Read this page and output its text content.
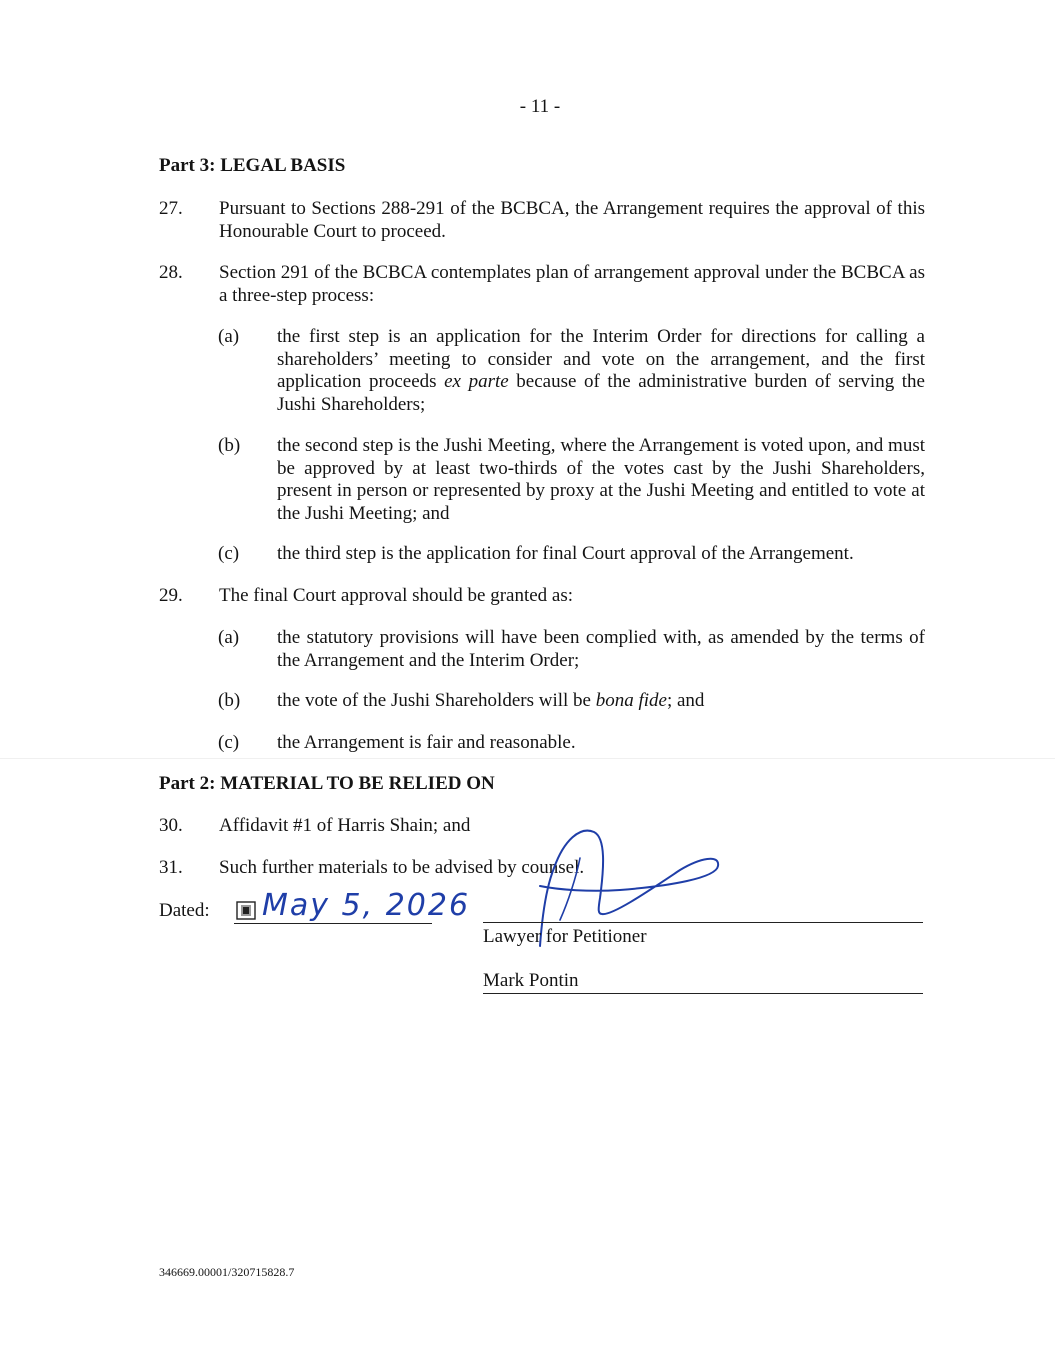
- 11 -
Part 3: LEGAL BASIS
27. Pursuant to Sections 288-291 of the BCBCA, the Arrangement requires the approval of this Honourable Court to proceed.
28. Section 291 of the BCBCA contemplates plan of arrangement approval under the BCBCA as a three-step process:
(a) the first step is an application for the Interim Order for directions for calling a shareholders’ meeting to consider and vote on the arrangement, and the first application proceeds ex parte because of the administrative burden of serving the Jushi Shareholders;
(b) the second step is the Jushi Meeting, where the Arrangement is voted upon, and must be approved by at least two-thirds of the votes cast by the Jushi Shareholders, present in person or represented by proxy at the Jushi Meeting and entitled to vote at the Jushi Meeting; and
(c) the third step is the application for final Court approval of the Arrangement.
29. The final Court approval should be granted as:
(a) the statutory provisions will have been complied with, as amended by the terms of the Arrangement and the Interim Order;
(b) the vote of the Jushi Shareholders will be bona fide; and
(c) the Arrangement is fair and reasonable.
Part 2: MATERIAL TO BE RELIED ON
30. Affidavit #1 of Harris Shain; and
31. Such further materials to be advised by counsel.
Dated: May 5, 2026
Lawyer for Petitioner
Mark Pontin
346669.00001/320715828.7
